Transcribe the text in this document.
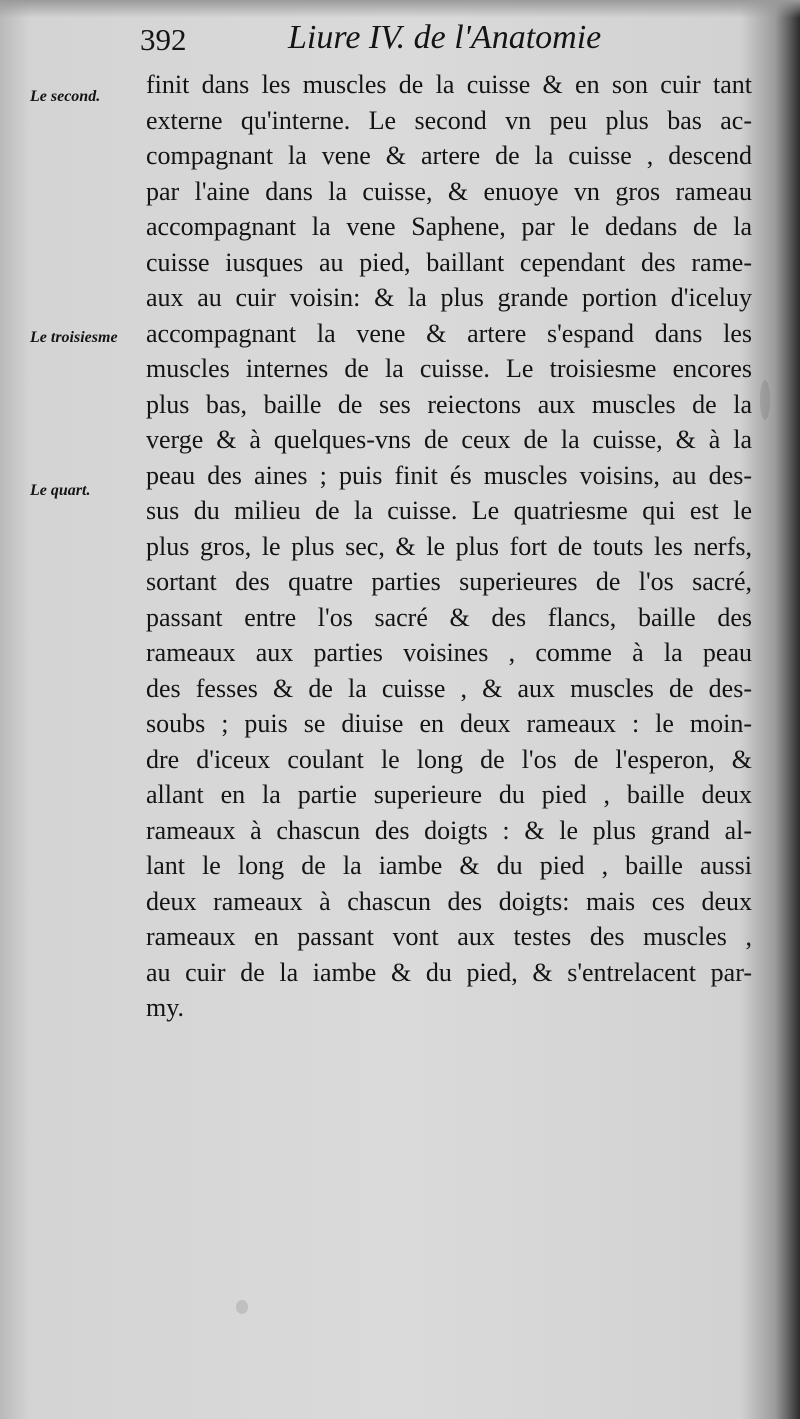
392	Liure IV. de l'Anatomie

Le second.

Le troisiesme

Le quart.

finit dans les muscles de la cuisse & en son cuir tant
externe qu'interne. Le second vn peu plus bas ac-
compagnant la vene & artere de la cuisse , descend
par l'aine dans la cuisse, & enuoye vn gros rameau
accompagnant la vene Saphene, par le dedans de la
cuisse iusques au pied, baillant cependant des rame-
aux au cuir voisin: & la plus grande portion d'iceluy
accompagnant la vene & artere s'espand dans les
muscles internes de la cuisse. Le troisiesme encores
plus bas, baille de ses reiectons aux muscles de la
verge & à quelques-vns de ceux de la cuisse, & à la
peau des aines ; puis finit és muscles voisins, au des-
sus du milieu de la cuisse. Le quatriesme qui est le
plus gros, le plus sec, & le plus fort de touts les nerfs,
sortant des quatre parties superieures de l'os sacré,
passant entre l'os sacré & des flancs, baille des
rameaux aux parties voisines , comme à la peau
des fesses & de la cuisse , & aux muscles de des-
soubs ; puis se diuise en deux rameaux : le moin-
dre d'iceux coulant le long de l'os de l'esperon, &
allant en la partie superieure du pied , baille deux
rameaux à chascun des doigts : & le plus grand al-
lant le long de la iambe & du pied , baille aussi
deux rameaux à chascun des doigts: mais ces deux
rameaux en passant vont aux testes des muscles ,
au cuir de la iambe & du pied, & s'entrelacent par-
my.
